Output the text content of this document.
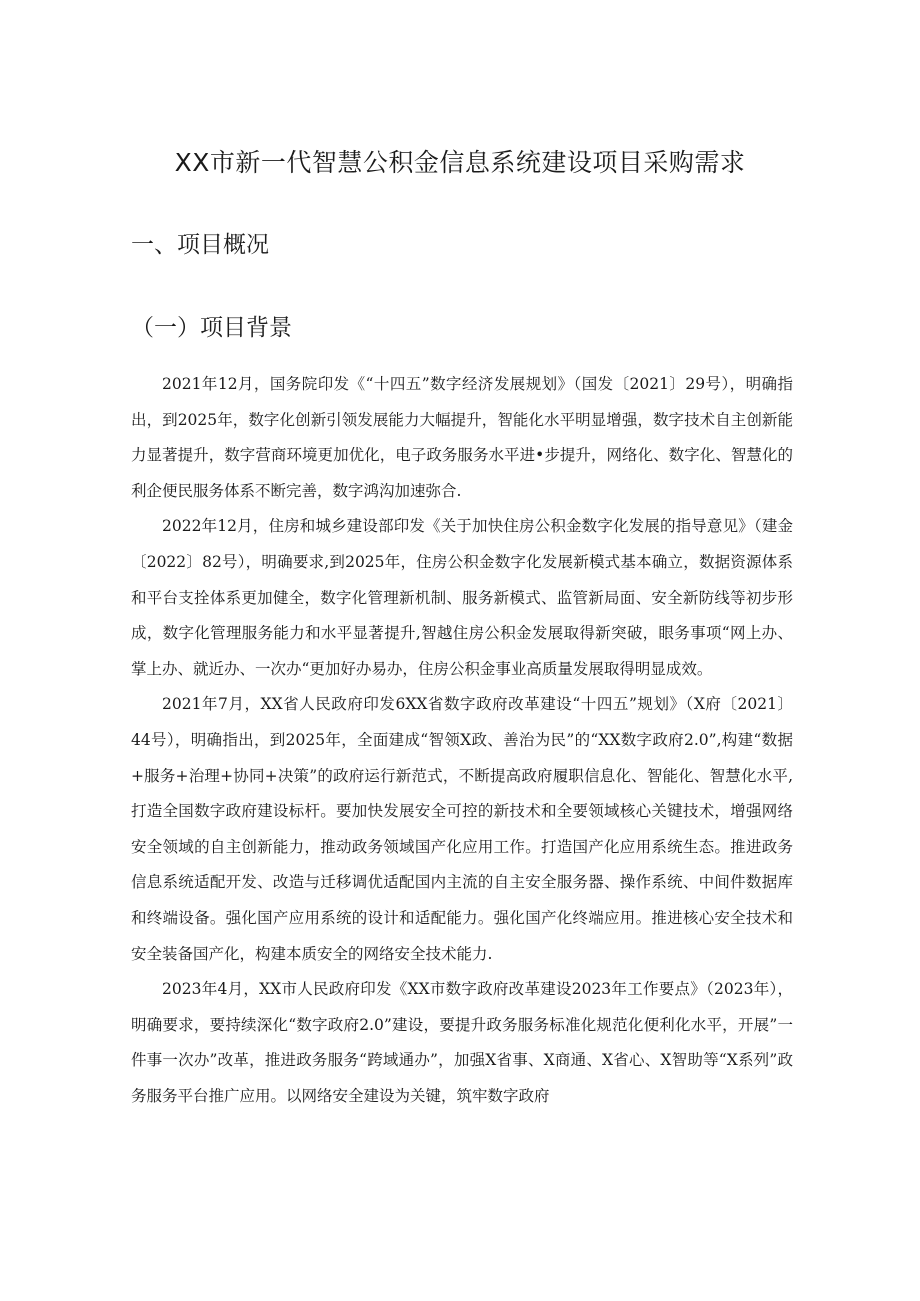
XX市新一代智慧公积金信息系统建设项目采购需求
一、项目概况
（一）项目背景

2021年12月，国务院印发《“十四五”数字经济发展规划》（国发〔2021〕29号），明确指出，到2025年，数字化创新引领发展能力大幅提升，智能化水平明显增强，数字技术自主创新能力显著提升，数字营商环境更加优化，电子政务服务水平进•步提升，网络化、数字化、智慧化的利企便民服务体系不断完善，数字鸿沟加速弥合.

2022年12月，住房和城乡建设部印发《关于加快住房公积金数字化发展的指导意见》（建金〔2022〕82号），明确要求,到2025年，住房公积金数字化发展新模式基本确立，数据资源体系和平台支拴体系更加健全，数字化管理新机制、服务新模式、监管新局面、安全新防线等初步形成，数字化管理服务能力和水平显著提升,智越住房公积金发展取得新突破，眼务事项“网上办、掌上办、就近办、一次办“更加好办易办，住房公积金事业高质量发展取得明显成效。

2021年7月，XX省人民政府印发6XX省数字政府改革建设“十四五”规划》（X府〔2021〕44号），明确指出，到2025年，全面建成“智领X政、善治为民”的“XX数字政府2.0”,构建“数据+服务+治理+协同+决策”的政府运行新范式，不断提高政府履职信息化、智能化、智慧化水平,打造全国数字政府建设标杆。要加快发展安全可控的新技术和全要领域核心关键技术，增强网络安全领域的自主创新能力，推动政务领域国产化应用工作。打造国产化应用系统生态。推进政务信息系统适配开发、改造与迁移调优适配国内主流的自主安全服务器、操作系统、中间件数据库和终端设备。强化国产应用系统的设计和适配能力。强化国产化终端应用。推进核心安全技术和安全装备国产化，构建本质安全的网络安全技术能力.

2023年4月，XX市人民政府印发《XX市数字政府改革建设2023年工作要点》（2023年），明确要求，要持续深化“数字政府2.0”建设，要提升政务服务标准化规范化便利化水平，开展”一件事一次办”改革，推进政务服务“跨域通办”，加强X省事、X商通、X省心、X智助等“X系列”政务服务平台推广应用。以网络安全建设为关键，筑牢数字政府
